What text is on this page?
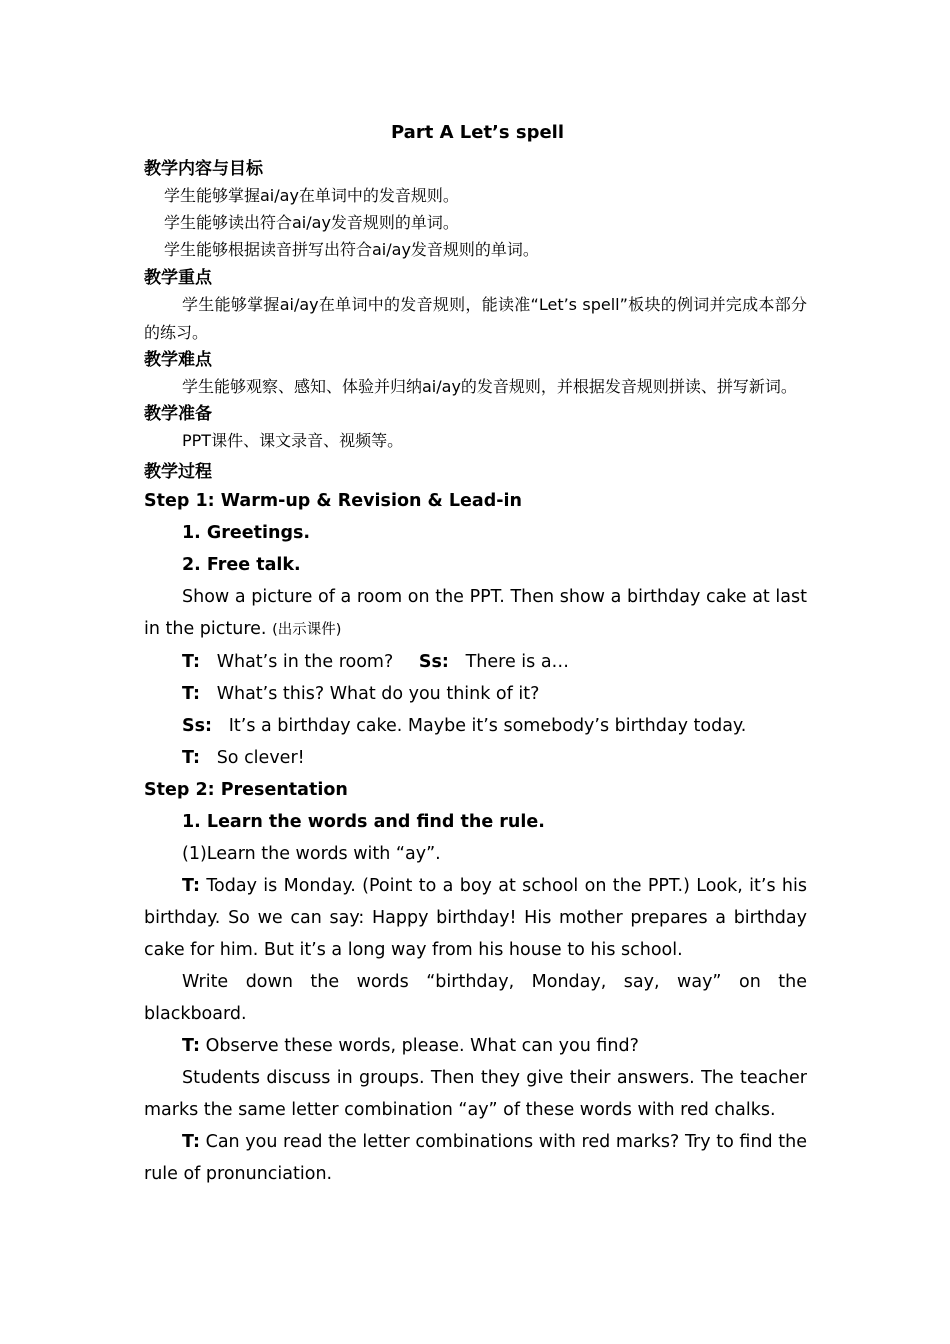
Part A Let’s spell
教学内容与目标
学生能够掌握ai/ay在单词中的发音规则。
学生能够读出符合ai/ay发音规则的单词。
学生能够根据读音拼写出符合ai/ay发音规则的单词。
教学重点
学生能够掌握ai/ay在单词中的发音规则，能读准“Let’s spell”板块的例词并完成本部分的练习。
教学难点
学生能够观察、感知、体验并归纳ai/ay的发音规则，并根据发音规则拼读、拼写新词。
教学准备
PPT课件、课文录音、视频等。
教学过程
Step 1: Warm-up & Revision & Lead-in
1. Greetings.
2. Free talk.
Show a picture of a room on the PPT. Then show a birthday cake at last in the picture. (出示课件)
T: What’s in the room? Ss: There is a…
T: What’s this? What do you think of it?
Ss: It’s a birthday cake. Maybe it’s somebody’s birthday today.
T: So clever!
Step 2: Presentation
1. Learn the words and find the rule.
(1)Learn the words with “ay”.
T: Today is Monday. (Point to a boy at school on the PPT.) Look, it’s his birthday. So we can say: Happy birthday! His mother prepares a birthday cake for him. But it’s a long way from his house to his school.
Write down the words “birthday, Monday, say, way” on the blackboard.
T: Observe these words, please. What can you find?
Students discuss in groups. Then they give their answers. The teacher marks the same letter combination “ay” of these words with red chalks.
T: Can you read the letter combinations with red marks? Try to find the rule of pronunciation.
